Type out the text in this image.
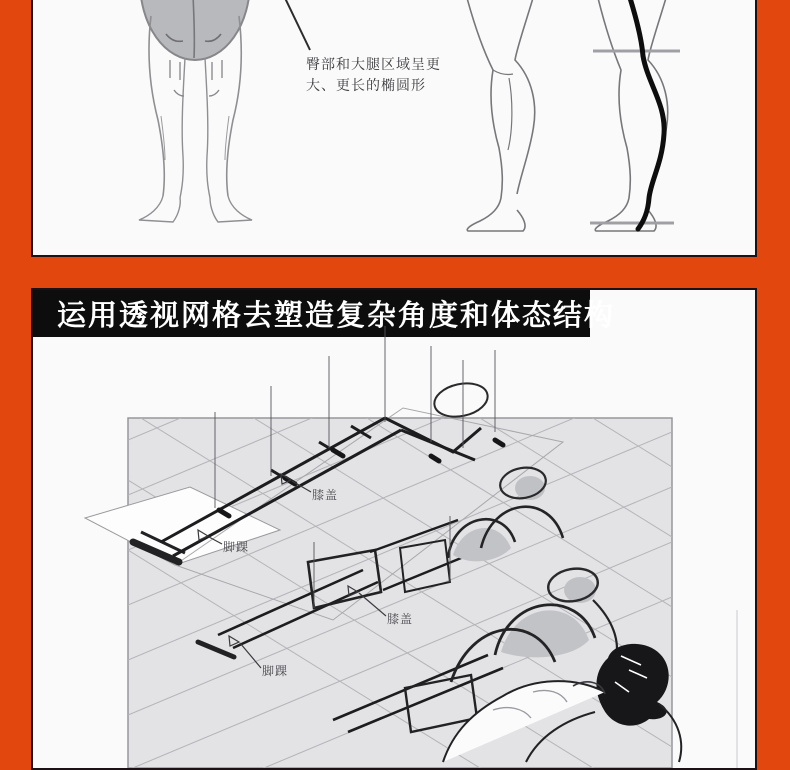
臀部和大腿区域呈更
大、更长的椭圆形
运用透视网格去塑造复杂角度和体态结构
膝盖
脚踝
膝盖
脚踝
